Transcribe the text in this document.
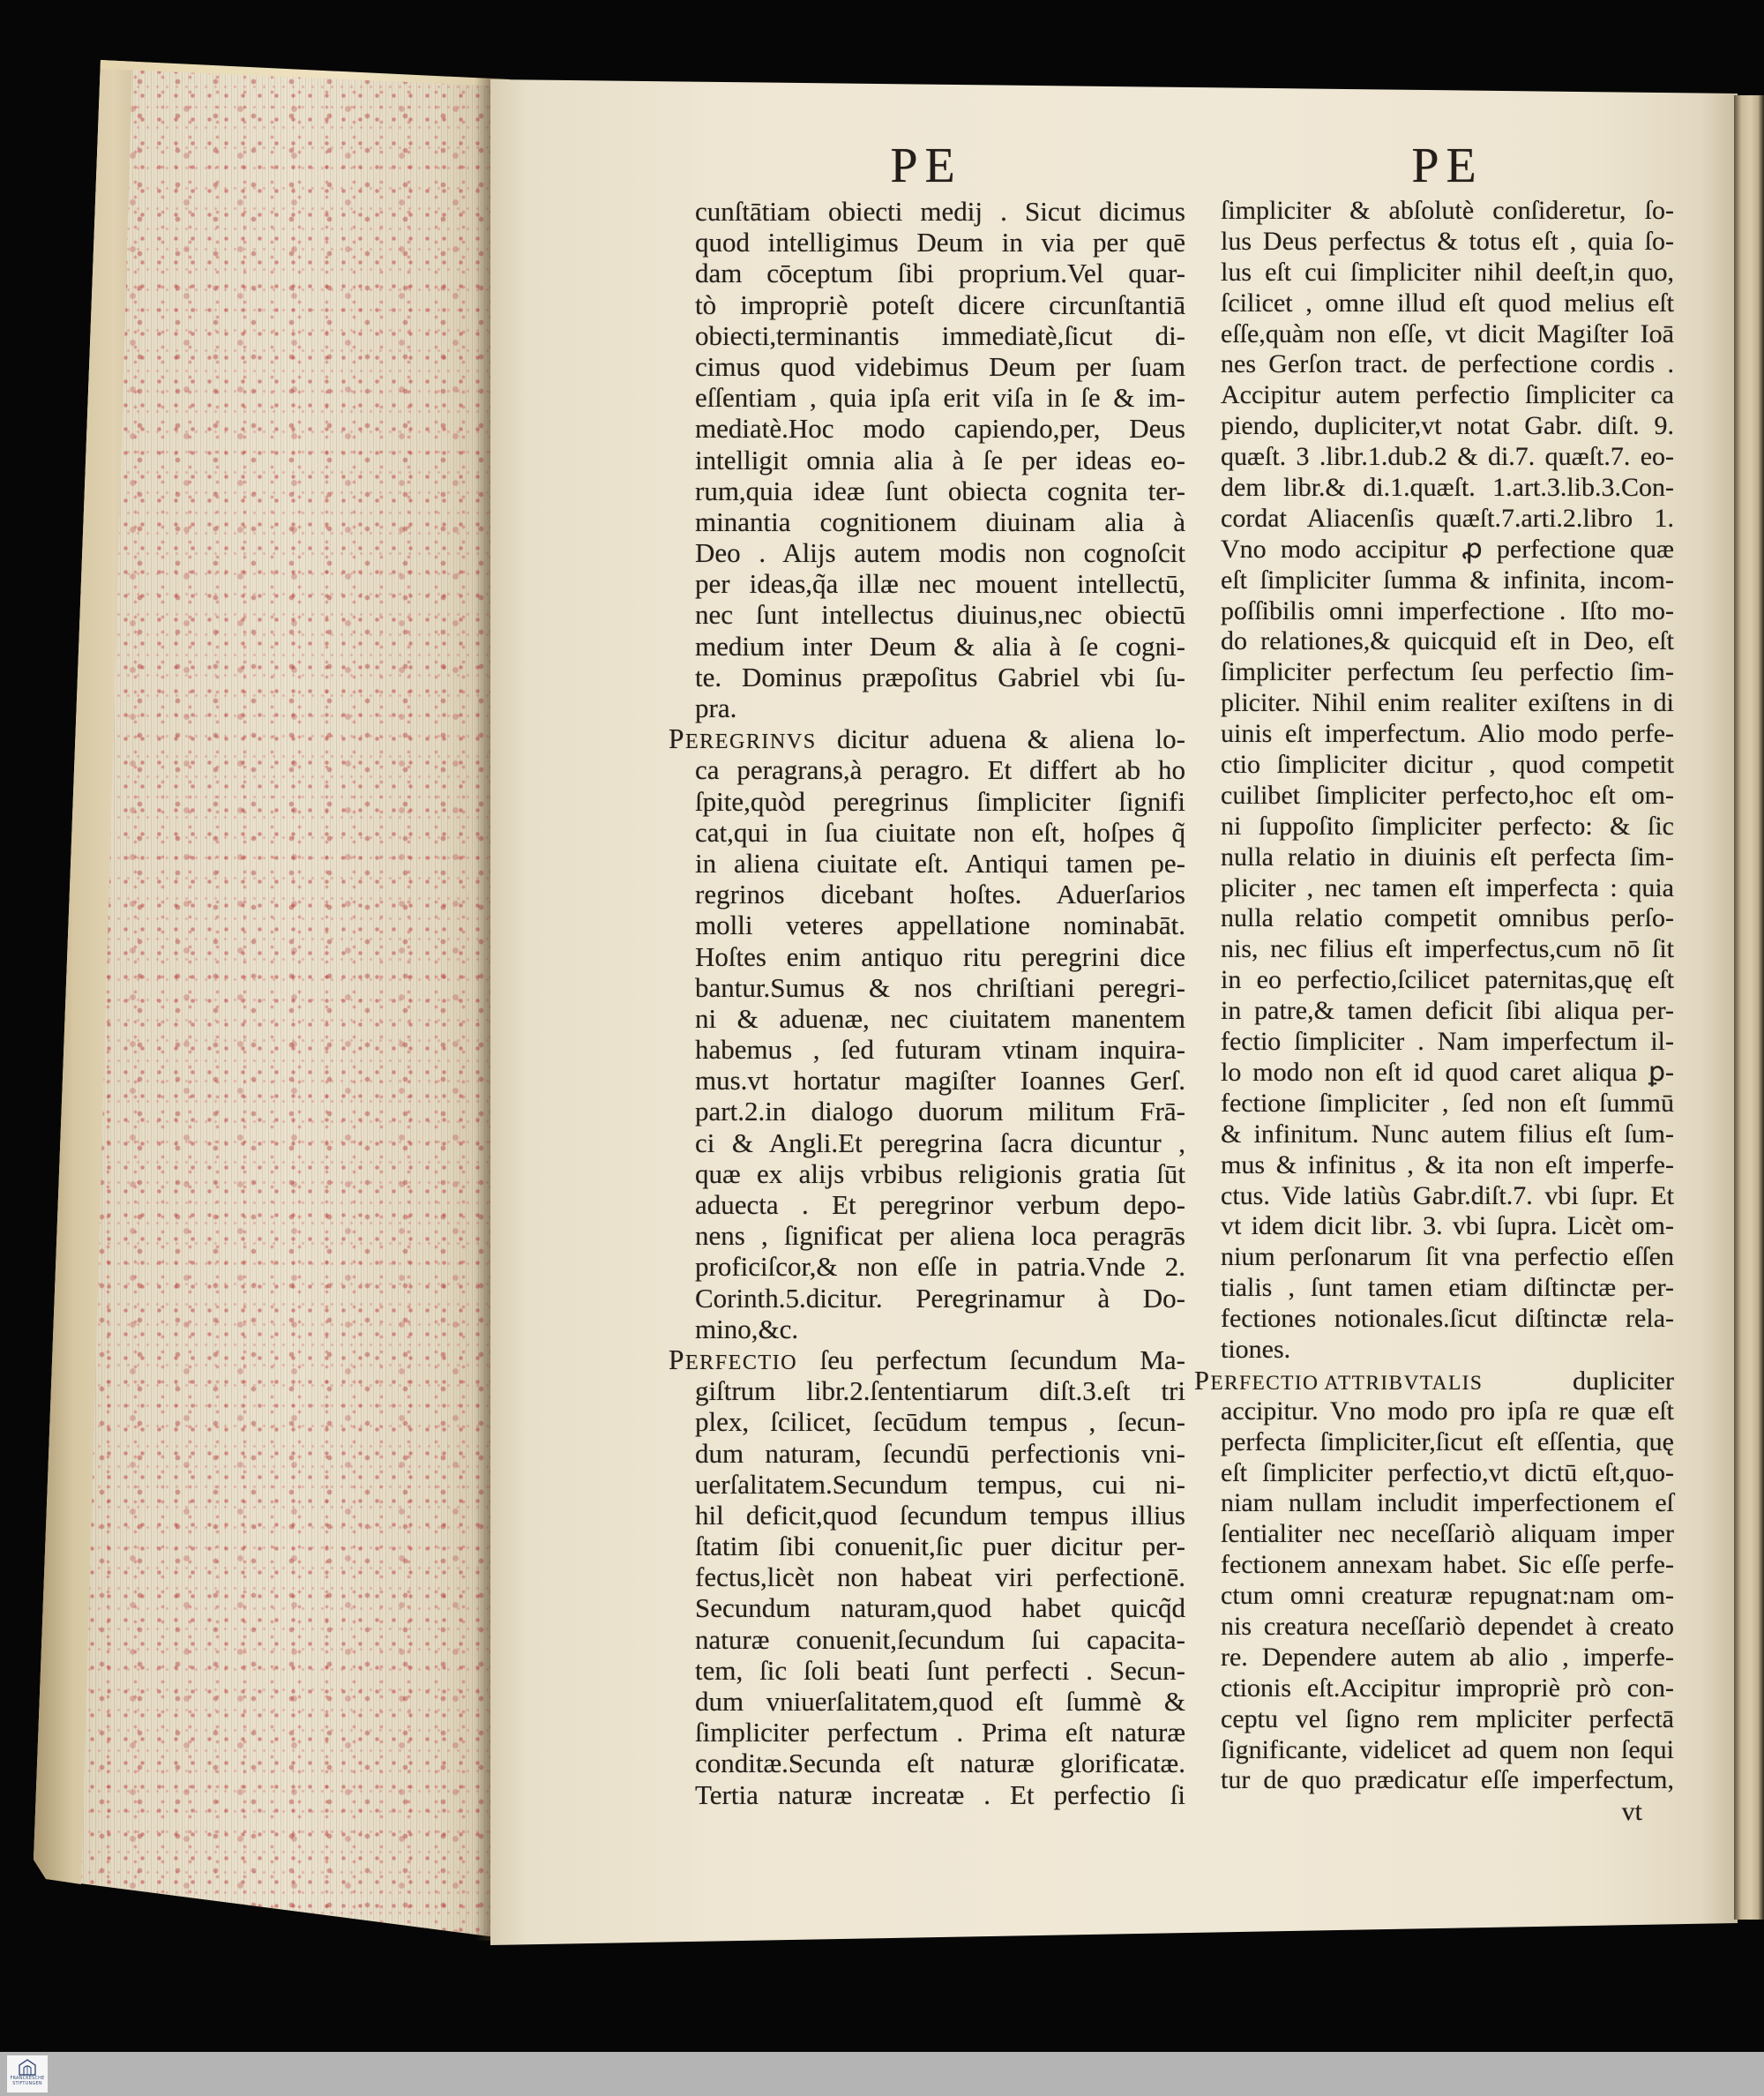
PE	PE
cunſtātiam obiecti medij . Sicut dicimus
quod intelligimus Deum in via per quē
dam cōceptum ſibi proprium.Vel quar-
tò impropriè poteſt dicere circunſtantiā
obiecti,terminantis immediatè,ſicut di-
cimus quod videbimus Deum per ſuam
eſſentiam , quia ipſa erit viſa in ſe & im-
mediatè.Hoc modo capiendo,per, Deus
intelligit omnia alia à ſe per ideas eo-
rum,quia ideæ ſunt obiecta cognita ter-
minantia cognitionem diuinam alia à
Deo . Alijs autem modis non cognoſcit
per ideas,q̃a illæ nec mouent intellectū,
nec ſunt intellectus diuinus,nec obiectū
medium inter Deum & alia à ſe cogni-
te. Dominus præpoſitus Gabriel vbi ſu-
pra.
PEREGRINVS dicitur aduena & aliena lo-
ca peragrans,à peragro. Et differt ab ho
ſpite,quòd peregrinus ſimpliciter ſignifi
cat,qui in ſua ciuitate non eſt, hoſpes q̃
in aliena ciuitate eſt. Antiqui tamen pe-
regrinos dicebant hoſtes. Aduerſarios
molli veteres appellatione nominabāt.
Hoſtes enim antiquo ritu peregrini dice
bantur.Sumus & nos chriſtiani peregri-
ni & aduenæ, nec ciuitatem manentem
habemus , ſed futuram vtinam inquira-
mus.vt hortatur magiſter Ioannes Gerſ.
part.2.in dialogo duorum militum Frā-
ci & Angli.Et peregrina ſacra dicuntur ,
quæ ex alijs vrbibus religionis gratia ſūt
aduecta . Et peregrinor verbum depo-
nens , ſignificat per aliena loca peragrās
proficiſcor,& non eſſe in patria.Vnde 2.
Corinth.5.dicitur. Peregrinamur à Do-
mino,&c.
PERFECTIO ſeu perfectum ſecundum Ma-
giſtrum libr.2.ſententiarum diſt.3.eſt tri
plex, ſcilicet, ſecūdum tempus , ſecun-
dum naturam, ſecundū perfectionis vni-
uerſalitatem.Secundum tempus, cui ni-
hil deficit,quod ſecundum tempus illius
ſtatim ſibi conuenit,ſic puer dicitur per-
fectus,licèt non habeat viri perfectionē.
Secundum naturam,quod habet quicq̃d
naturæ conuenit,ſecundum ſui capacita-
tem, ſic ſoli beati ſunt perfecti . Secun-
dum vniuerſalitatem,quod eſt ſummè &
ſimpliciter perfectum . Prima eſt naturæ
conditæ.Secunda eſt naturæ glorificatæ.
Tertia naturæ increatæ . Et perfectio ſi
ſimpliciter & abſolutè conſideretur, ſo-
lus Deus perfectus & totus eſt , quia ſo-
lus eſt cui ſimpliciter nihil deeſt,in quo,
ſcilicet , omne illud eſt quod melius eſt
eſſe,quàm non eſſe, vt dicit Magiſter Ioā
nes Gerſon tract. de perfectione cordis .
Accipitur autem perfectio ſimpliciter ca
piendo, dupliciter,vt notat Gabr. diſt. 9.
quæſt. 3 .libr.1.dub.2 & di.7. quæſt.7. eo-
dem libr.& di.1.quæſt. 1.art.3.lib.3.Con-
cordat Aliacenſis quæſt.7.arti.2.libro 1.
Vno modo accipitur ꝓ perfectione quæ
eſt ſimpliciter ſumma & infinita, incom-
poſſibilis omni imperfectione . Iſto mo-
do relationes,& quicquid eſt in Deo, eſt
ſimpliciter perfectum ſeu perfectio ſim-
pliciter. Nihil enim realiter exiſtens in di
uinis eſt imperfectum. Alio modo perfe-
ctio ſimpliciter dicitur , quod competit
cuilibet ſimpliciter perfecto,hoc eſt om-
ni ſuppoſito ſimpliciter perfecto: & ſic
nulla relatio in diuinis eſt perfecta ſim-
pliciter , nec tamen eſt imperfecta : quia
nulla relatio competit omnibus perſo-
nis, nec filius eſt imperfectus,cum nō ſit
in eo perfectio,ſcilicet paternitas,quę eſt
in patre,& tamen deficit ſibi aliqua per-
fectio ſimpliciter . Nam imperfectum il-
lo modo non eſt id quod caret aliqua ꝑ-
fectione ſimpliciter , ſed non eſt ſummū
& infinitum. Nunc autem filius eſt ſum-
mus & infinitus , & ita non eſt imperfe-
ctus. Vide latiùs Gabr.diſt.7. vbi ſupr. Et
vt idem dicit libr. 3. vbi ſupra. Licèt om-
nium perſonarum ſit vna perfectio eſſen
tialis , ſunt tamen etiam diſtinctæ per-
fectiones notionales.ſicut diſtinctæ rela-
tiones.
PERFECTIO ATTRIBVTALIS dupliciter
accipitur. Vno modo pro ipſa re quæ eſt
perfecta ſimpliciter,ſicut eſt eſſentia, quę
eſt ſimpliciter perfectio,vt dictū eſt,quo-
niam nullam includit imperfectionem eſ
ſentialiter nec neceſſariò aliquam imper
fectionem annexam habet. Sic eſſe perfe-
ctum omni creaturæ repugnat:nam om-
nis creatura neceſſariò dependet à creato
re. Dependere autem ab alio , imperfe-
ctionis eſt.Accipitur impropriè prò con-
ceptu vel ſigno rem mpliciter perfectā
ſignificante, videlicet ad quem non ſequi
tur de quo prædicatur eſſe imperfectum,
vt
FRANCKESCHE
STIFTUNGEN
